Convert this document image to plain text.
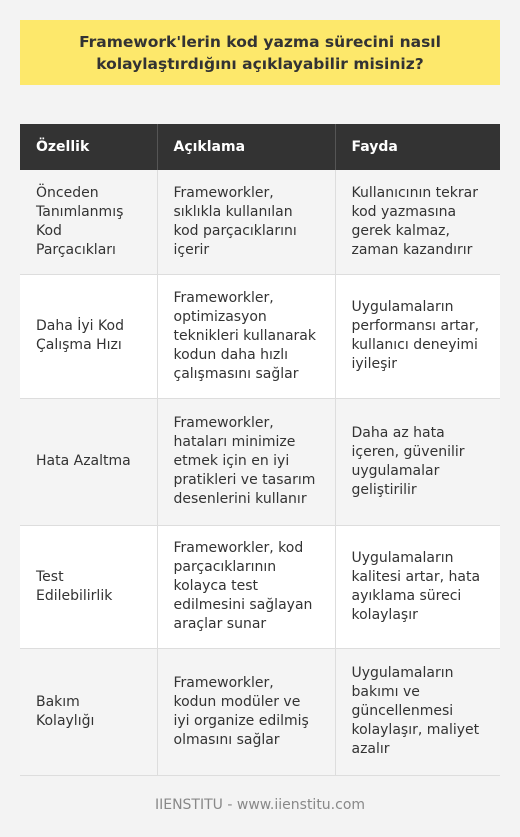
Framework'lerin kod yazma sürecini nasıl kolaylaştırdığını açıklayabilir misiniz?
Özellik	Açıklama	Fayda
Önceden Tanımlanmış Kod Parçacıkları	Frameworkler, sıklıkla kullanılan kod parçacıklarını içerir	Kullanıcının tekrar kod yazmasına gerek kalmaz, zaman kazandırır
Daha İyi Kod Çalışma Hızı	Frameworkler, optimizasyon teknikleri kullanarak kodun daha hızlı çalışmasını sağlar	Uygulamaların performansı artar, kullanıcı deneyimi iyileşir
Hata Azaltma	Frameworkler, hataları minimize etmek için en iyi pratikleri ve tasarım desenlerini kullanır	Daha az hata içeren, güvenilir uygulamalar geliştirilir
Test Edilebilirlik	Frameworkler, kod parçacıklarının kolayca test edilmesini sağlayan araçlar sunar	Uygulamaların kalitesi artar, hata ayıklama süreci kolaylaşır
Bakım Kolaylığı	Frameworkler, kodun modüler ve iyi organize edilmiş olmasını sağlar	Uygulamaların bakımı ve güncellenmesi kolaylaşır, maliyet azalır
IIENSTITU - www.iienstitu.com
